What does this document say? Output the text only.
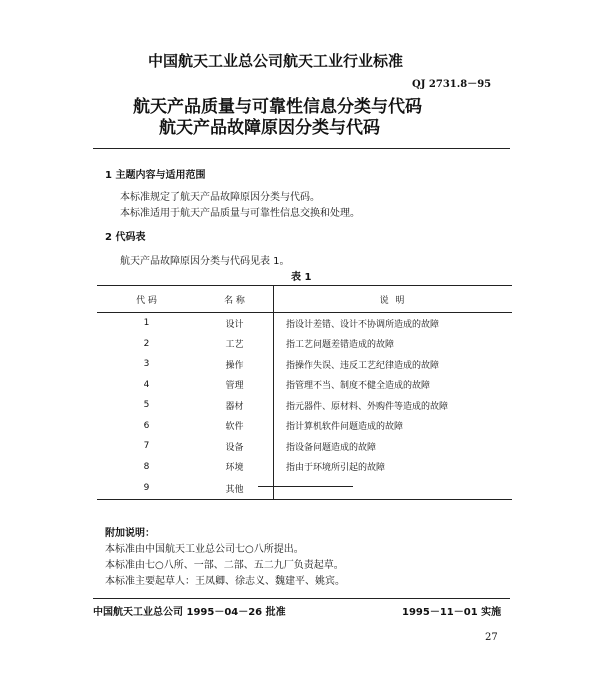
中国航天工业总公司航天工业行业标准
QJ 2731.8－95
航天产品质量与可靠性信息分类与代码
航天产品故障原因分类与代码
1 主题内容与适用范围
本标准规定了航天产品故障原因分类与代码。
本标准适用于航天产品质量与可靠性信息交换和处理。
2 代码表
航天产品故障原因分类与代码见表 1。
表 1
代 码	名 称	说 明
1	设计	指设计差错、设计不协调所造成的故障
2	工艺	指工艺问题差错造成的故障
3	操作	指操作失误、违反工艺纪律造成的故障
4	管理	指管理不当、制度不健全造成的故障
5	器材	指元器件、原材料、外购件等造成的故障
6	软件	指计算机软件问题造成的故障
7	设备	指设备问题造成的故障
8	环境	指由于环境所引起的故障
9	其他	
附加说明：
本标准由中国航天工业总公司七○八所提出。
本标准由七○八所、一部、二部、五二九厂负责起草。
本标准主要起草人：王凤卿、徐志义、魏建平、姚宾。
中国航天工业总公司 1995－04－26 批准	1995－11－01 实施
27
